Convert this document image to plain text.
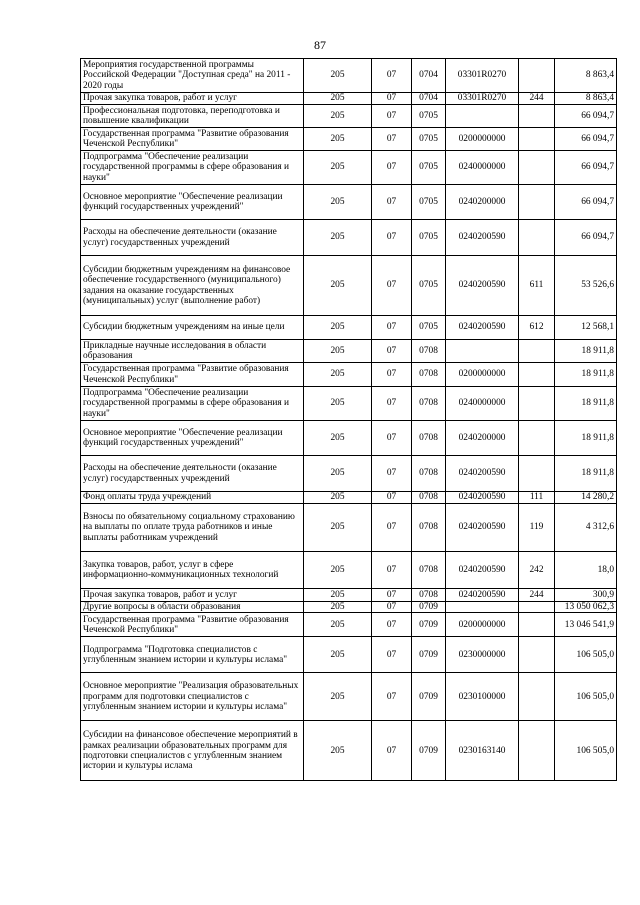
87
Мероприятия государственной программы Российской Федерации "Доступная среда" на 2011 - 2020 годы	205	07	0704	03301R0270		8 863,4
Прочая закупка товаров, работ и услуг	205	07	0704	03301R0270	244	8 863,4
Профессиональная подготовка, переподготовка и повышение квалификации	205	07	0705			66 094,7
Государственная программа "Развитие образования Чеченской Республики"	205	07	0705	0200000000		66 094,7
Подпрограмма "Обеспечение реализации государственной программы в сфере образования и науки"	205	07	0705	0240000000		66 094,7
Основное мероприятие "Обеспечение реализации функций государственных учреждений"	205	07	0705	0240200000		66 094,7
Расходы на обеспечение деятельности (оказание услуг) государственных учреждений	205	07	0705	0240200590		66 094,7
Субсидии бюджетным учреждениям на финансовое обеспечение государственного (муниципального) задания на оказание государственных (муниципальных) услуг (выполнение работ)	205	07	0705	0240200590	611	53 526,6
Субсидии бюджетным учреждениям на иные цели	205	07	0705	0240200590	612	12 568,1
Прикладные научные исследования в области образования	205	07	0708			18 911,8
Государственная программа "Развитие образования Чеченской Республики"	205	07	0708	0200000000		18 911,8
Подпрограмма "Обеспечение реализации государственной программы в сфере образования и науки"	205	07	0708	0240000000		18 911,8
Основное мероприятие "Обеспечение реализации функций государственных учреждений"	205	07	0708	0240200000		18 911,8
Расходы на обеспечение деятельности (оказание услуг) государственных учреждений	205	07	0708	0240200590		18 911,8
Фонд оплаты труда учреждений	205	07	0708	0240200590	111	14 280,2
Взносы по обязательному социальному страхованию на выплаты по оплате труда работников и иные выплаты работникам учреждений	205	07	0708	0240200590	119	4 312,6
Закупка товаров, работ, услуг в сфере информационно-коммуникационных технологий	205	07	0708	0240200590	242	18,0
Прочая закупка товаров, работ и услуг	205	07	0708	0240200590	244	300,9
Другие вопросы в области образования	205	07	0709			13 050 062,3
Государственная программа "Развитие образования Чеченской Республики"	205	07	0709	0200000000		13 046 541,9
Подпрограмма "Подготовка специалистов с углубленным знанием истории и культуры ислама"	205	07	0709	0230000000		106 505,0
Основное мероприятие "Реализация образовательных программ для подготовки специалистов с углубленным знанием истории и культуры ислама"	205	07	0709	0230100000		106 505,0
Субсидии на финансовое обеспечение мероприятий в рамках реализации образовательных программ для подготовки специалистов с углубленным знанием истории и культуры ислама	205	07	0709	0230163140		106 505,0
